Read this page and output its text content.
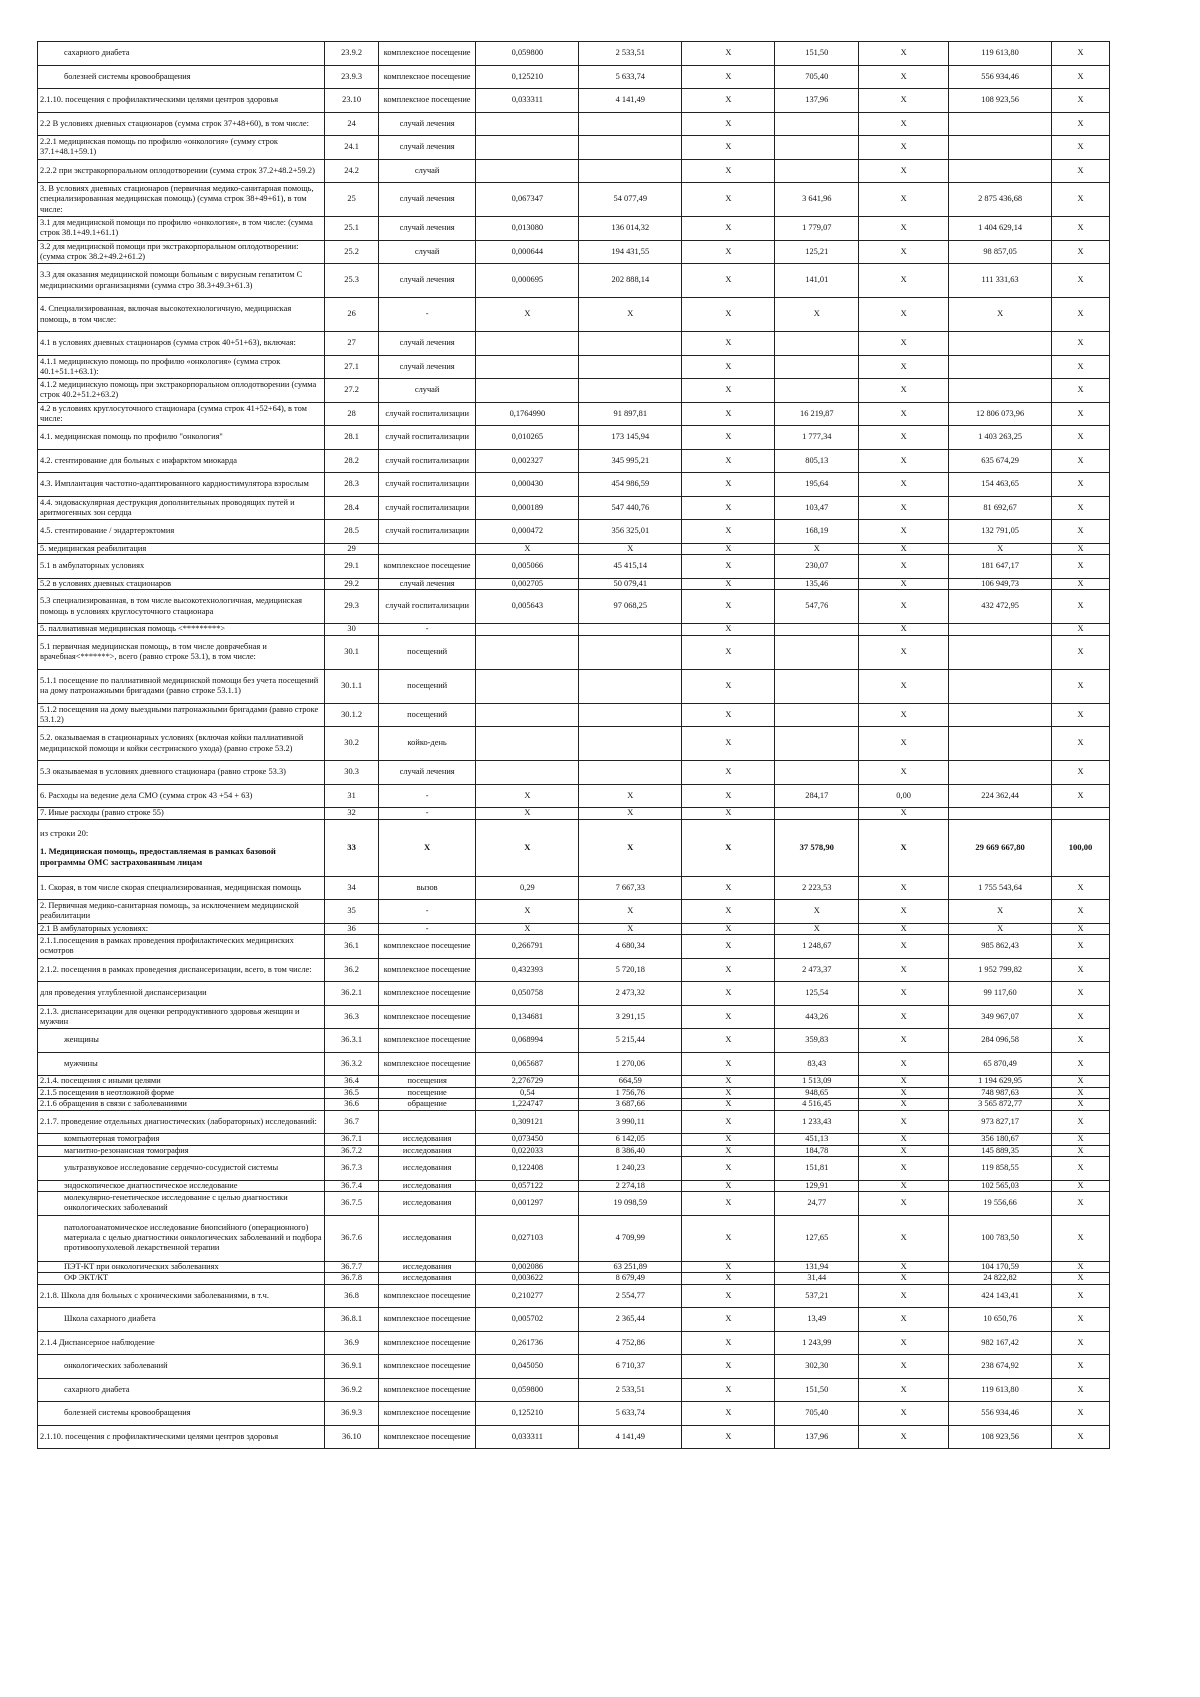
сахарного диабета	23.9.2	комплексное посещение	0,059800	2 533,51	Х	151,50	Х	119 613,80	Х
болезней системы кровообращения	23.9.3	комплексное посещение	0,125210	5 633,74	Х	705,40	Х	556 934,46	Х
2.1.10. посещения с профилактическими целями центров здоровья	23.10	комплексное посещение	0,033311	4 141,49	Х	137,96	Х	108 923,56	Х
2.2 В условиях дневных стационаров (сумма строк 37+48+60), в том числе:	24	случай лечения			Х		Х		Х
2.2.1 медицинская помощь по профилю «онкология» (сумму строк 37.1+48.1+59.1)	24.1	случай лечения			Х		Х		Х
2.2.2 при экстракорпоральном оплодотворении (сумма строк 37.2+48.2+59.2)	24.2	случай			Х		Х		Х
3. В условиях дневных стационаров (первичная медико-санитарная помощь, специализированная медицинская помощь) (сумма строк 38+49+61), в том числе:	25	случай лечения	0,067347	54 077,49	Х	3 641,96	Х	2 875 436,68	Х
3.1 для медицинской помощи по профилю «онкология», в том числе: (сумма строк 38.1+49.1+61.1)	25.1	случай лечения	0,013080	136 014,32	Х	1 779,07	Х	1 404 629,14	Х
3.2 для медицинской помощи при экстракорпоральном оплодотворении: (сумма строк 38.2+49.2+61.2)	25.2	случай	0,000644	194 431,55	Х	125,21	Х	98 857,05	Х
3.3 для оказания медицинской помощи больным с вирусным гепатитом С медицинскими организациями (сумма стро 38.3+49.3+61.3)	25.3	случай лечения	0,000695	202 888,14	Х	141,01	Х	111 331,63	Х
4. Специализированная, включая высокотехнологичную, медицинская помощь, в том числе:	26	-	Х	Х	Х	Х	Х	Х	Х
4.1 в условиях дневных стационаров (сумма строк 40+51+63), включая:	27	случай лечения			Х		Х		Х
4.1.1 медицинскую помощь по профилю «онкология» (сумма строк 40.1+51.1+63.1):	27.1	случай лечения			Х		Х		Х
4.1.2 медицинскую помощь при экстракорпоральном оплодотворении (сумма строк 40.2+51.2+63.2)	27.2	случай			Х		Х		Х
4.2 в условиях круглосуточного стационара (сумма строк 41+52+64), в том числе:	28	случай госпитализации	0,1764990	91 897,81	Х	16 219,87	Х	12 806 073,96	Х
4.1. медицинская помощь по профилю "онкология"	28.1	случай госпитализации	0,010265	173 145,94	Х	1 777,34	Х	1 403 263,25	Х
4.2. стентирование для больных с инфарктом миокарда	28.2	случай госпитализации	0,002327	345 995,21	Х	805,13	Х	635 674,29	Х
4.3. Имплантация частотно-адаптированного кардиостимулятора взрослым	28.3	случай госпитализации	0,000430	454 986,59	Х	195,64	Х	154 463,65	Х
4.4. эндоваскулярная деструкция дополнительных проводящих путей и аритмогенных зон сердца	28.4	случай госпитализации	0,000189	547 440,76	Х	103,47	Х	81 692,67	Х
4.5. стентирование / эндартерэктомия	28.5	случай госпитализации	0,000472	356 325,01	Х	168,19	Х	132 791,05	Х
5. медицинская реабилитация	29		Х	Х	Х	Х	Х	Х	Х
5.1 в амбулаторных условиях	29.1	комплексное посещение	0,005066	45 415,14	Х	230,07	Х	181 647,17	Х
5.2 в условиях дневных стационаров	29.2	случай лечения	0,002705	50 079,41	Х	135,46	Х	106 949,73	Х
5.3 специализированная, в том числе высокотехнологичная, медицинская помощь в условиях круглосуточного стационара	29.3	случай госпитализации	0,005643	97 068,25	Х	547,76	Х	432 472,95	Х
5. паллиативная медицинская помощь <*********>	30	-			Х		Х		Х
5.1 первичная медицинская помощь, в том числе доврачебная и врачебная<*******>, всего (равно строке 53.1), в том числе:	30.1	посещений			Х		Х		Х
5.1.1 посещение по паллиативной медицинской помощи без учета посещений на дому патронажными бригадами (равно строке 53.1.1)	30.1.1	посещений			Х		Х		Х
5.1.2 посещения на дому выездными патронажными бригадами (равно строке 53.1.2)	30.1.2	посещений			Х		Х		Х
5.2. оказываемая в стационарных условиях (включая койки паллиативной медицинской помощи и койки сестринского ухода) (равно строке 53.2)	30.2	койко-день			Х		Х		Х
5.3 оказываемая в условиях дневного стационара (равно строке 53.3)	30.3	случай лечения			Х		Х		Х
6. Расходы на ведение дела СМО (сумма строк 43 +54 + 63)	31	-	Х	Х	Х	284,17	0,00	224 362,44	Х
7. Иные расходы (равно строке 55)	32	-	Х	Х	Х		Х		

из строки 20:
1. Медицинская помощь, предоставляемая в рамках базовой программы ОМС застрахованным лицам	33	Х	Х	Х	Х	37 578,90	Х	29 669 667,80	100,00
1. Скорая, в том числе скорая специализированная, медицинская помощь	34	вызов	0,29	7 667,33	Х	2 223,53	Х	1 755 543,64	Х
2. Первичная медико-санитарная помощь, за исключением медицинской реабилитации	35	-	Х	Х	Х	Х	Х	Х	Х
2.1 В амбулаторных условиях:	36	-	Х	Х	Х	Х	Х	Х	Х
2.1.1.посещения в рамках проведения профилактических медицинских осмотров	36.1	комплексное посещение	0,266791	4 680,34	Х	1 248,67	Х	985 862,43	Х
2.1.2. посещения в рамках проведения диспансеризации, всего, в том числе:	36.2	комплексное посещение	0,432393	5 720,18	Х	2 473,37	Х	1 952 799,82	Х
для проведения углубленной диспансеризации	36.2.1	комплексное посещение	0,050758	2 473,32	Х	125,54	Х	99 117,60	Х
2.1.3. диспансеризации для оценки репродуктивного здоровья женщин и мужчин	36.3	комплексное посещение	0,134681	3 291,15	Х	443,26	Х	349 967,07	Х
женщины	36.3.1	комплексное посещение	0,068994	5 215,44	Х	359,83	Х	284 096,58	Х
мужчины	36.3.2	комплексное посещение	0,065687	1 270,06	Х	83,43	Х	65 870,49	Х
2.1.4. посещения с иными целями	36.4	посещения	2,276729	664,59	Х	1 513,09	Х	1 194 629,95	Х
2.1.5 посещения в неотложной форме	36.5	посещение	0,54	1 756,76	Х	948,65	Х	748 987,63	Х
2.1.6 обращения в связи с заболеваниями	36.6	обращение	1,224747	3 687,66	Х	4 516,45	Х	3 565 872,77	Х
2.1.7. проведение отдельных диагностических (лабораторных) исследований:	36.7		0,309121	3 990,11	Х	1 233,43	Х	973 827,17	Х
компьютерная томография	36.7.1	исследования	0,073450	6 142,05	Х	451,13	Х	356 180,67	Х
магнитно-резонансная томография	36.7.2	исследования	0,022033	8 386,40	Х	184,78	Х	145 889,35	Х
ультразвуковое исследование сердечно-сосудистой системы	36.7.3	исследования	0,122408	1 240,23	Х	151,81	Х	119 858,55	Х
эндоскопическое диагностическое исследование	36.7.4	исследования	0,057122	2 274,18	Х	129,91	Х	102 565,03	Х
молекулярно-генетическое исследование с целью диагностики онкологических заболеваний	36.7.5	исследования	0,001297	19 098,59	Х	24,77	Х	19 556,66	Х
патологоанатомическое исследование биопсийного (операционного) материала с целью диагностики онкологических заболеваний и подбора противоопухолевой лекарственной терапии	36.7.6	исследования	0,027103	4 709,99	Х	127,65	Х	100 783,50	Х
ПЭТ-КТ при онкологических заболеваниях	36.7.7	исследования	0,002086	63 251,89	Х	131,94	Х	104 170,59	Х
ОФ ЭКТ/КТ	36.7.8	исследования	0,003622	8 679,49	Х	31,44	Х	24 822,82	Х
2.1.8. Школа для больных с хроническими заболеваниями, в т.ч.	36.8	комплексное посещение	0,210277	2 554,77	Х	537,21	Х	424 143,41	Х
Школа сахарного диабета	36.8.1	комплексное посещение	0,005702	2 365,44	Х	13,49	Х	10 650,76	Х
2.1.4 Диспансерное наблюдение	36.9	комплексное посещение	0,261736	4 752,86	Х	1 243,99	Х	982 167,42	Х
онкологических заболеваний	36.9.1	комплексное посещение	0,045050	6 710,37	Х	302,30	Х	238 674,92	Х
сахарного диабета	36.9.2	комплексное посещение	0,059800	2 533,51	Х	151,50	Х	119 613,80	Х
болезней системы кровообращения	36.9.3	комплексное посещение	0,125210	5 633,74	Х	705,40	Х	556 934,46	Х
2.1.10. посещения с профилактическими целями центров здоровья	36.10	комплексное посещение	0,033311	4 141,49	Х	137,96	Х	108 923,56	Х
